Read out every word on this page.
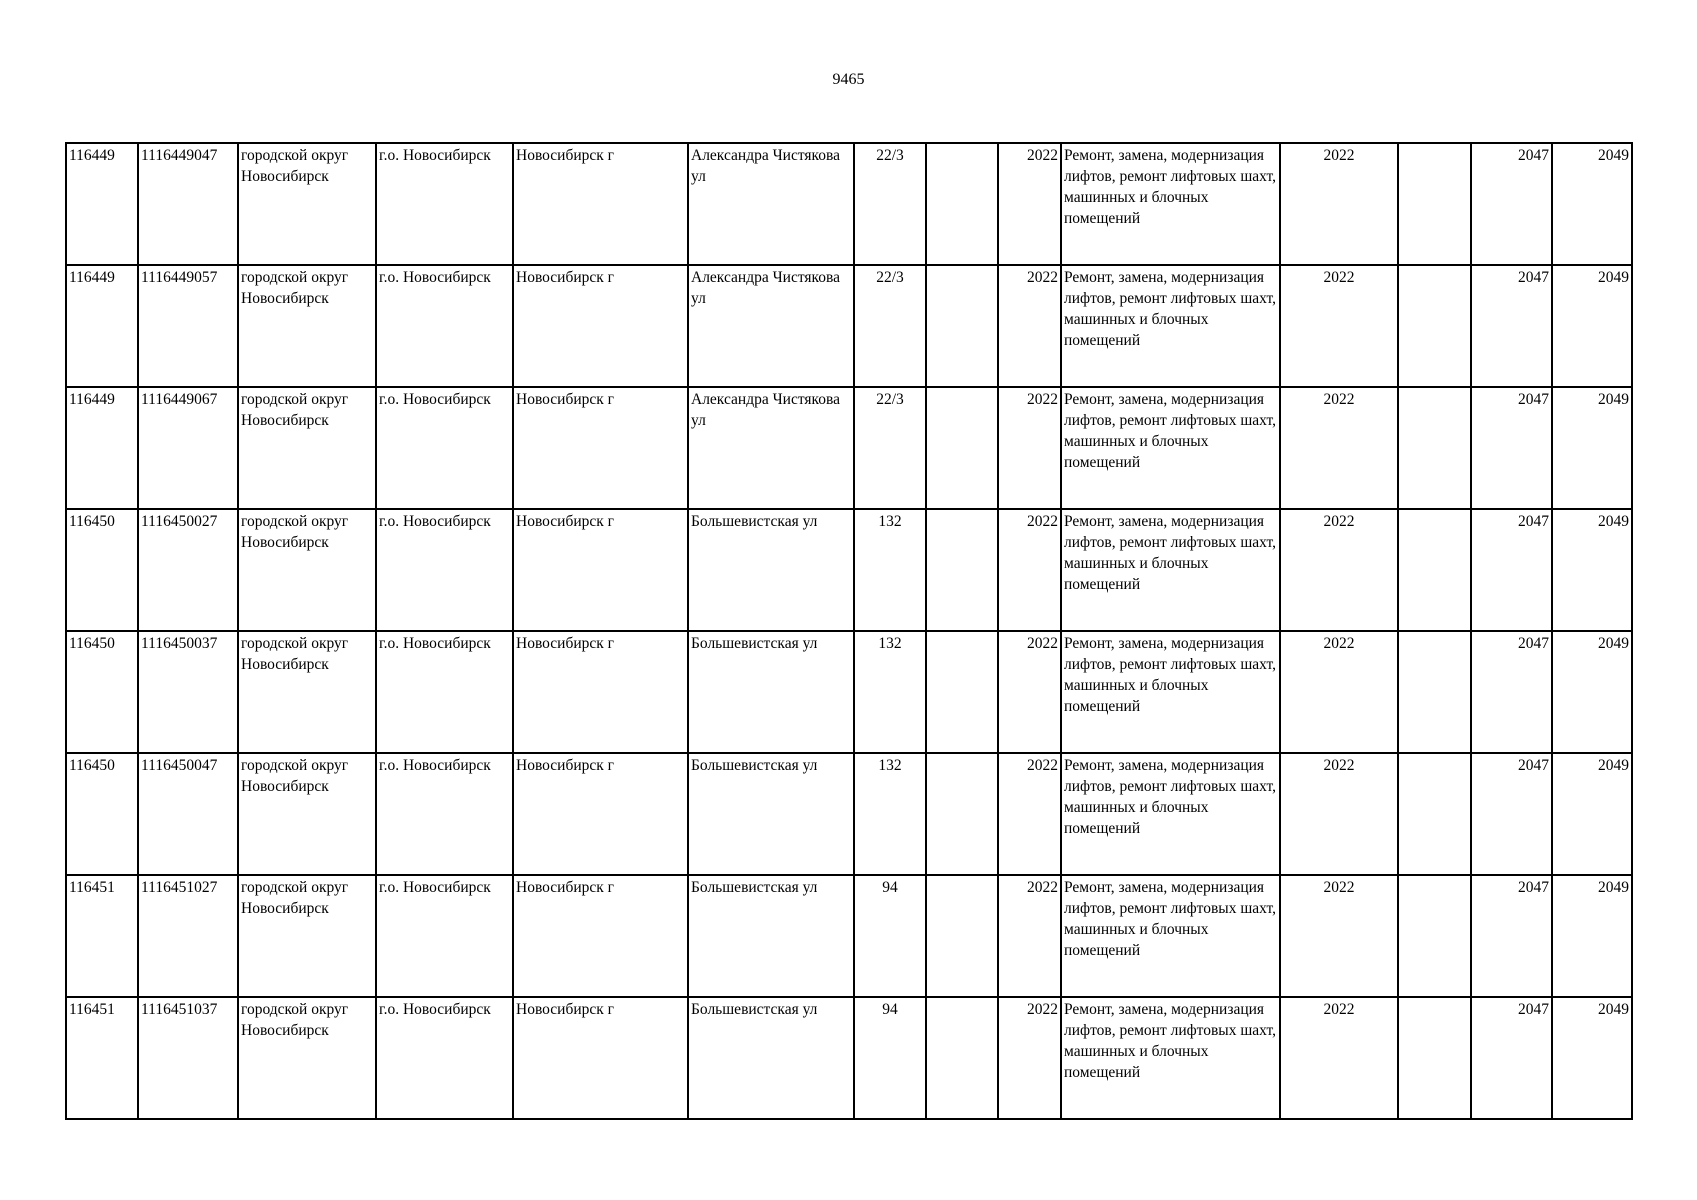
9465
116449	1116449047	городской округ Новосибирск	г.о. Новосибирск	Новосибирск г	Александра Чистякова ул	22/3		2022	Ремонт, замена, модернизация лифтов, ремонт лифтовых шахт, машинных и блочных помещений	2022		2047	2049
116449	1116449057	городской округ Новосибирск	г.о. Новосибирск	Новосибирск г	Александра Чистякова ул	22/3		2022	Ремонт, замена, модернизация лифтов, ремонт лифтовых шахт, машинных и блочных помещений	2022		2047	2049
116449	1116449067	городской округ Новосибирск	г.о. Новосибирск	Новосибирск г	Александра Чистякова ул	22/3		2022	Ремонт, замена, модернизация лифтов, ремонт лифтовых шахт, машинных и блочных помещений	2022		2047	2049
116450	1116450027	городской округ Новосибирск	г.о. Новосибирск	Новосибирск г	Большевистская ул	132		2022	Ремонт, замена, модернизация лифтов, ремонт лифтовых шахт, машинных и блочных помещений	2022		2047	2049
116450	1116450037	городской округ Новосибирск	г.о. Новосибирск	Новосибирск г	Большевистская ул	132		2022	Ремонт, замена, модернизация лифтов, ремонт лифтовых шахт, машинных и блочных помещений	2022		2047	2049
116450	1116450047	городской округ Новосибирск	г.о. Новосибирск	Новосибирск г	Большевистская ул	132		2022	Ремонт, замена, модернизация лифтов, ремонт лифтовых шахт, машинных и блочных помещений	2022		2047	2049
116451	1116451027	городской округ Новосибирск	г.о. Новосибирск	Новосибирск г	Большевистская ул	94		2022	Ремонт, замена, модернизация лифтов, ремонт лифтовых шахт, машинных и блочных помещений	2022		2047	2049
116451	1116451037	городской округ Новосибирск	г.о. Новосибирск	Новосибирск г	Большевистская ул	94		2022	Ремонт, замена, модернизация лифтов, ремонт лифтовых шахт, машинных и блочных помещений	2022		2047	2049
